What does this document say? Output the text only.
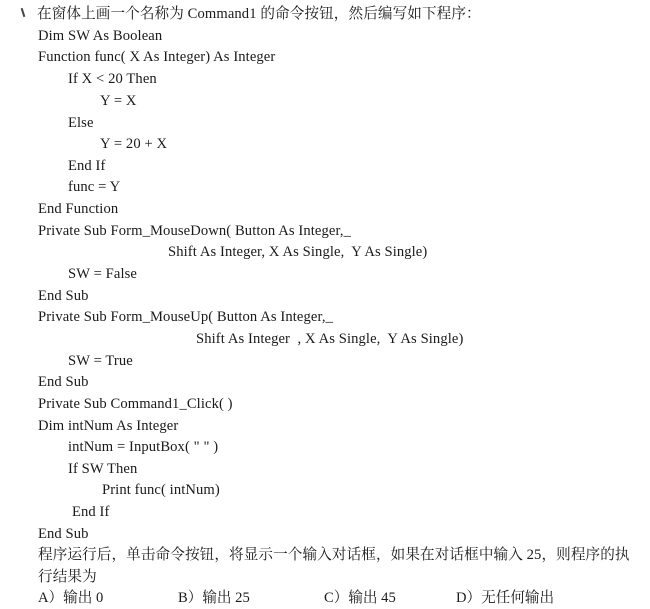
在窗体上画一个名称为 Command1 的命令按钮，然后编写如下程序：
Dim SW As Boolean
Function func( X As Integer) As Integer
If X < 20 Then
Y = X
Else
Y = 20 + X
End If
func = Y
End Function
Private Sub Form_MouseDown( Button As Integer,_
Shift As Integer, X As Single,  Y As Single)
SW = False
End Sub
Private Sub Form_MouseUp( Button As Integer,_
Shift As Integer  , X As Single,  Y As Single)
SW = True
End Sub
Private Sub Command1_Click( )
Dim intNum As Integer
intNum = InputBox( " " )
If SW Then
Print func( intNum)
End If
End Sub
程序运行后，单击命令按钮，将显示一个输入对话框，如果在对话框中输入 25，则程序的执
行结果为
A）输出 0	B）输出 25	C）输出 45	D）无任何输出
